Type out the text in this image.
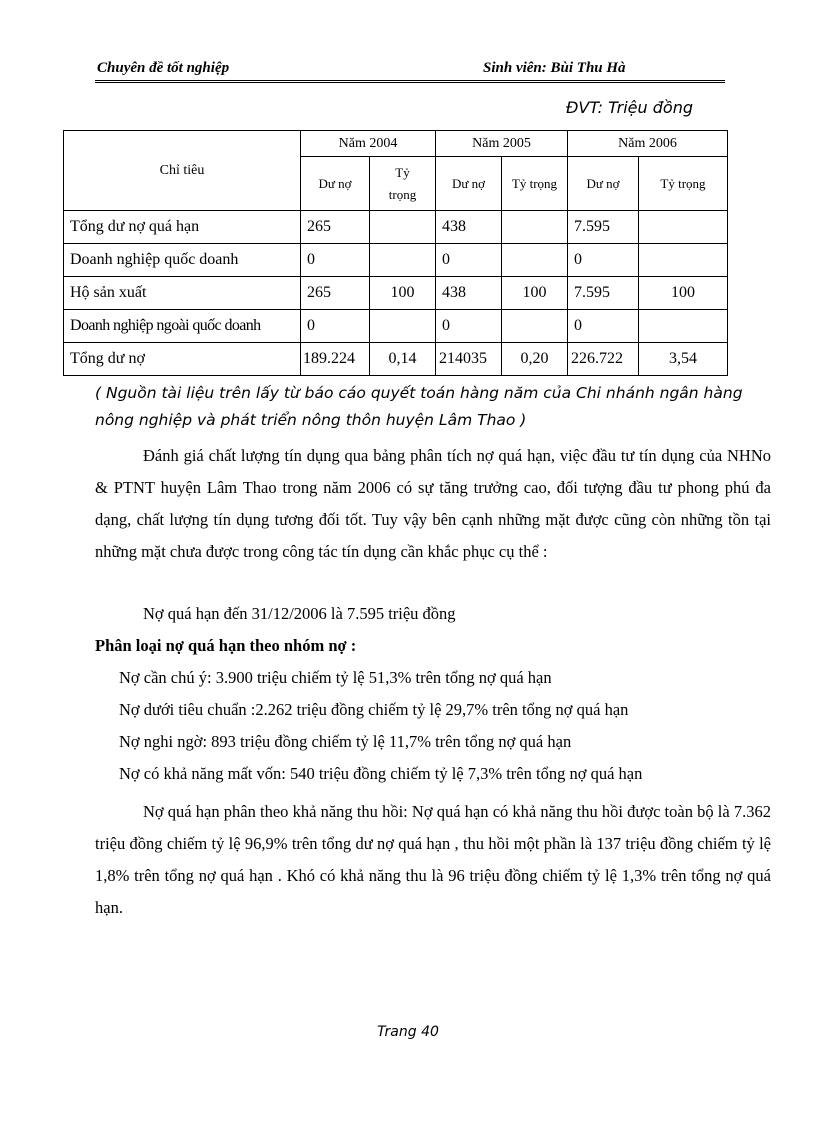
Chuyên đề tốt nghiệp	Sinh viên: Bùi Thu Hà
ĐVT: Triệu đồng
Chỉ tiêu	Năm 2004		Năm 2005		Năm 2006	
	Dư nợ	Tỷ trọng	Dư nợ	Tỷ trọng	Dư nợ	Tỷ trọng
Tổng dư nợ quá hạn	265		438		7.595	
Doanh nghiệp quốc doanh	0		0		0	
Hộ sản xuất	265	100	438	100	7.595	100
Doanh nghiệp ngoài quốc doanh	0		0		0	
Tổng dư nợ	189.224	0,14	214035	0,20	226.722	3,54
( Nguồn tài liệu trên lấy từ báo cáo quyết toán hàng năm của Chi nhánh ngân hàng nông nghiệp và phát triển nông thôn huyện Lâm Thao )
Đánh giá chất lượng tín dụng qua bảng phân tích nợ quá hạn, việc đầu tư tín dụng của NHNo & PTNT huyện Lâm Thao trong năm 2006 có sự tăng trưởng cao, đối tượng đầu tư phong phú đa dạng, chất lượng tín dụng tương đối tốt. Tuy vậy bên cạnh những mặt được cũng còn những tồn tại những mặt chưa được trong công tác tín dụng cần khắc phục cụ thể :
Nợ quá hạn đến 31/12/2006 là 7.595 triệu đồng
Phân loại nợ quá hạn theo nhóm nợ :
Nợ cần chú ý: 3.900 triệu chiếm tỷ lệ 51,3% trên tổng nợ quá hạn
Nợ dưới tiêu chuẩn :2.262 triệu đồng chiếm tỷ lệ 29,7% trên tổng nợ quá hạn
Nợ nghi ngờ: 893 triệu đồng chiếm tỷ lệ 11,7% trên tổng nợ quá hạn
Nợ có khả năng mất vốn: 540 triệu đồng chiếm tỷ lệ 7,3% trên tổng nợ quá hạn
Nợ quá hạn phân theo khả năng thu hồi: Nợ quá hạn có khả năng thu hồi được toàn bộ là 7.362 triệu đồng chiếm tỷ lệ 96,9% trên tổng dư nợ quá hạn , thu hồi một phần là 137 triệu đồng chiếm tỷ lệ 1,8% trên tổng nợ quá hạn . Khó có khả năng thu là 96 triệu đồng chiếm tỷ lệ 1,3% trên tổng nợ quá hạn.
Trang 40
